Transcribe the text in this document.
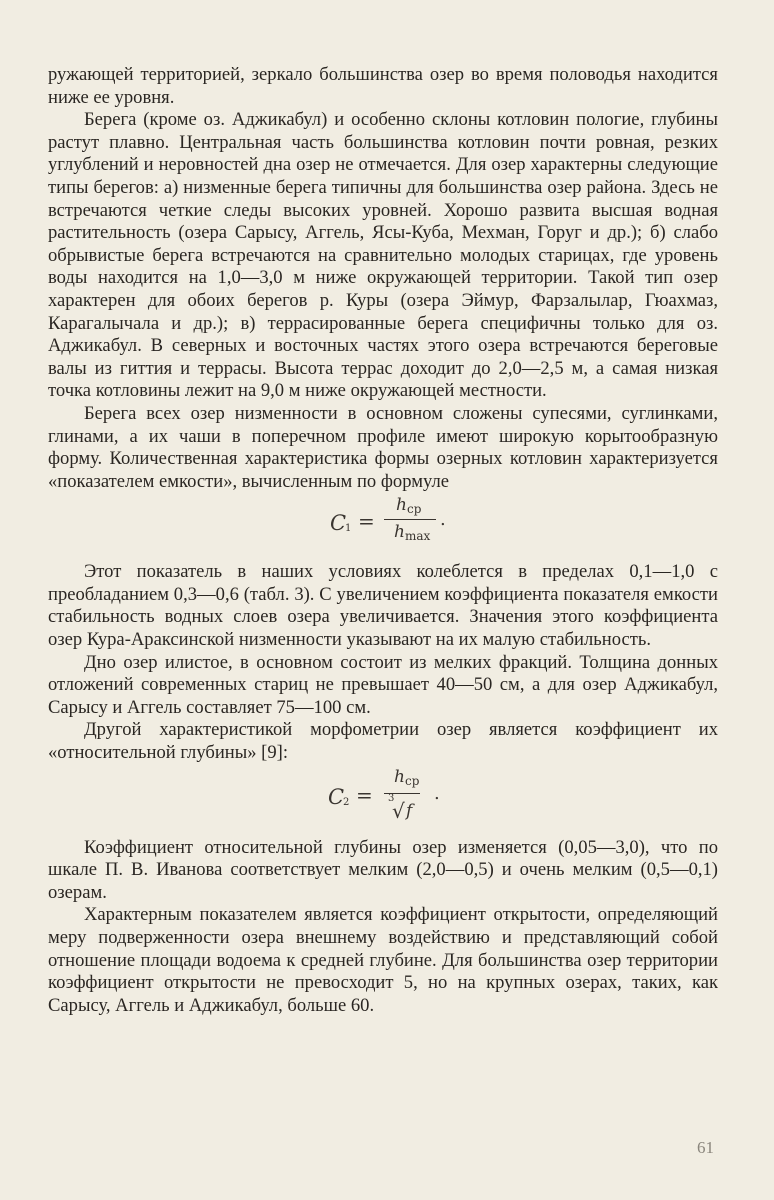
ружающей территорией, зеркало большинства озер во время половодья находится ниже ее уровня.

Берега (кроме оз. Аджикабул) и особенно склоны котловин пологие, глубины растут плавно. Центральная часть большинства котловин почти ровная, резких углублений и неровностей дна озер не отмечается. Для озер характерны следующие типы берегов: а) низменные берега типичны для большинства озер района. Здесь не встречаются четкие следы высоких уровней. Хорошо развита высшая водная растительность (озера Сарысу, Аггель, Ясы-Куба, Мехман, Горуг и др.); б) слабо обрывистые берега встречаются на сравнительно молодых старицах, где уровень воды находится на 1,0—3,0 м ниже окружающей территории. Такой тип озер характерен для обоих берегов р. Куры (озера Эймур, Фарзалылар, Гюахмаз, Карагалычала и др.); в) террасированные берега специфичны только для оз. Аджикабул. В северных и восточных частях этого озера встречаются береговые валы из гиттия и террасы. Высота террас доходит до 2,0—2,5 м, а самая низкая точка котловины лежит на 9,0 м ниже окружающей местности.

Берега всех озер низменности в основном сложены супесями, суглинками, глинами, а их чаши в поперечном профиле имеют широкую корытообразную форму. Количественная характеристика формы озерных котловин характеризуется «показателем емкости», вычисленным по формуле

C
1 =
h ср
h max
.

Этот показатель в наших условиях колеблется в пределах 0,1—1,0 с преобладанием 0,3—0,6 (табл. 3). С увеличением коэффициента показателя емкости стабильность водных слоев озера увеличивается. Значения этого коэффициента озер Кура-Араксинской низменности указывают на их малую стабильность.

Дно озер илистое, в основном состоит из мелких фракций. Толщина донных отложений современных стариц не превышает 40—50 см, а для озер Аджикабул, Сарысу и Аггель составляет 75—100 см.

Другой характеристикой морфометрии озер является коэффициент их «относительной глубины» [9]:

C
2 =
h ср
3
√ f
.

Коэффициент относительной глубины озер изменяется (0,05—3,0), что по шкале П. В. Иванова соответствует мелким (2,0—0,5) и очень мелким (0,5—0,1) озерам.

Характерным показателем является коэффициент открытости, определяющий меру подверженности озера внешнему воздействию и представляющий собой отношение площади водоема к средней глубине. Для большинства озер территории коэффициент открытости не превосходит 5, но на крупных озерах, таких, как Сарысу, Аггель и Аджикабул, больше 60.

61
